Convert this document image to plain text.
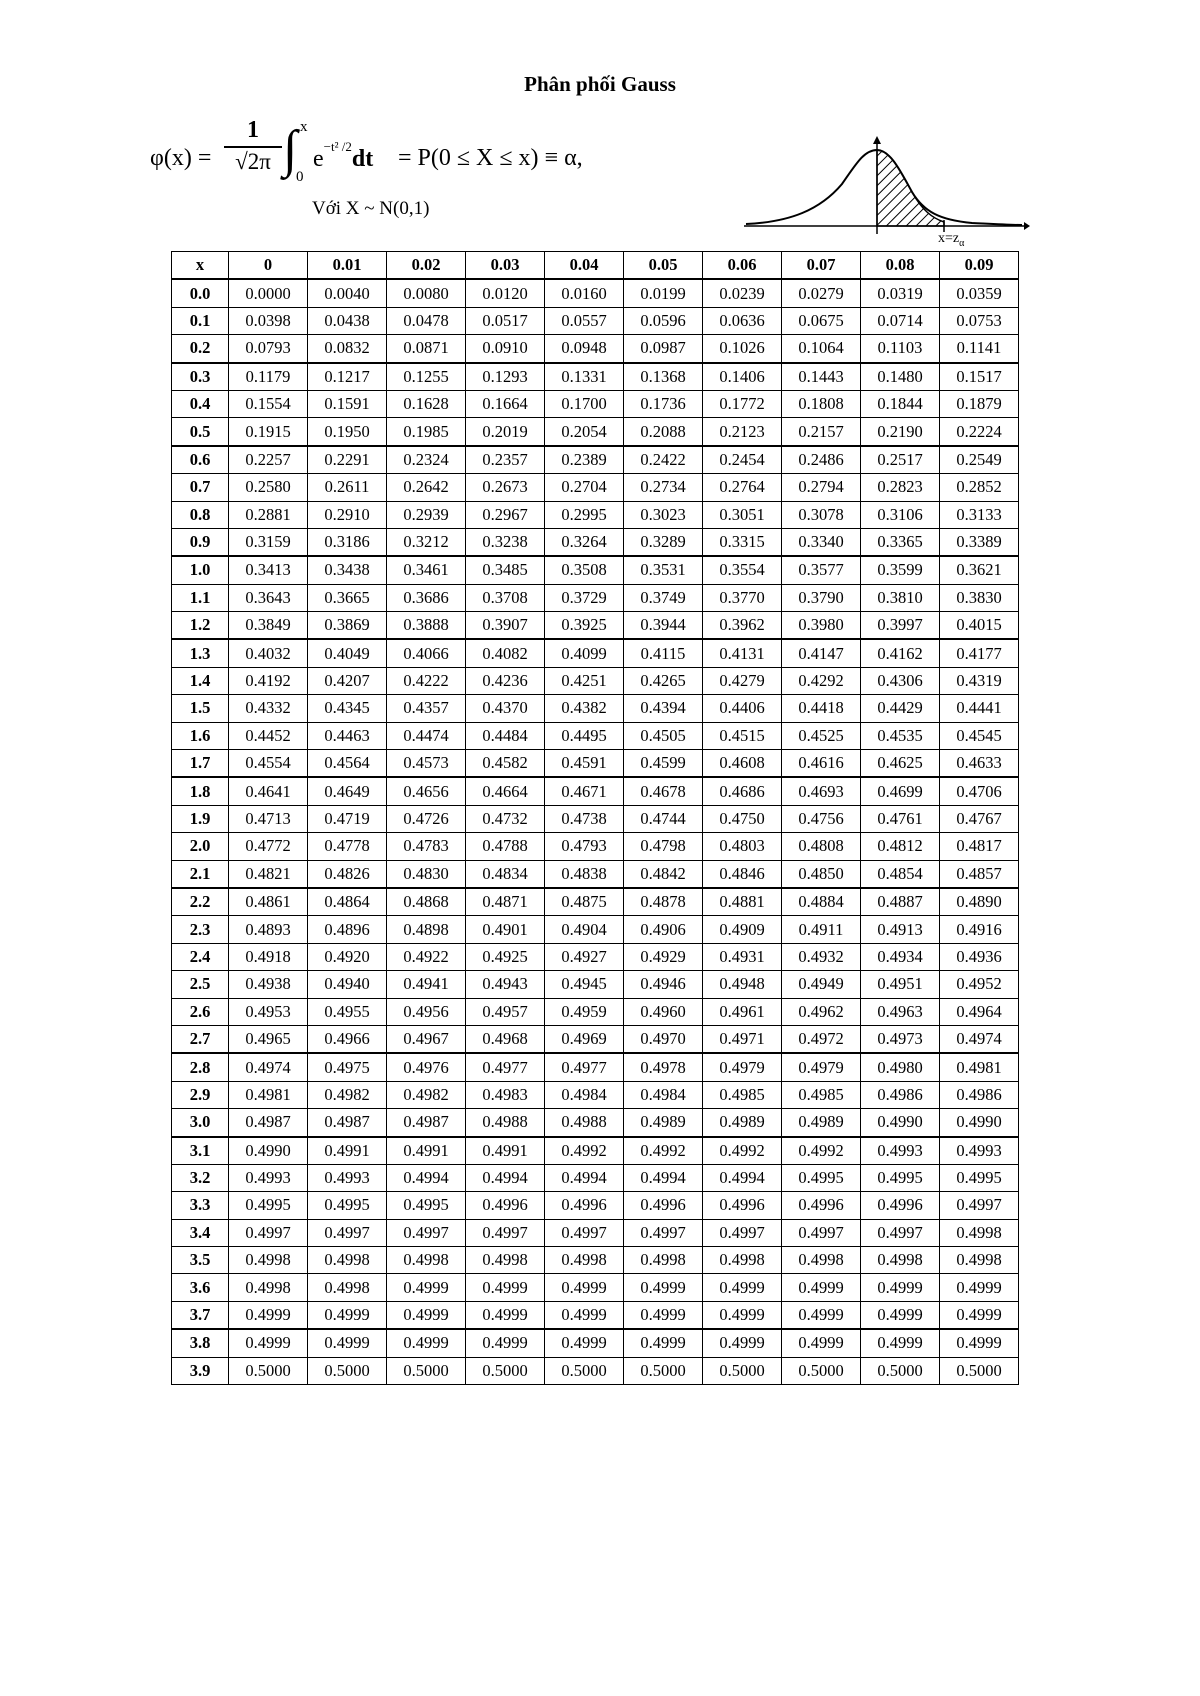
Phân phối Gauss
φ(x) =
1
√2π ∫ x
0
$e^{-t^2 /2}dt = P(0 \le X \le x) \equiv \alpha$,
Với X ~ N(0,1)
$x=z_\alpha$
x	0	0.01	0.02	0.03	0.04	0.05	0.06	0.07	0.08	0.09
0.0	0.0000	0.0040	0.0080	0.0120	0.0160	0.0199	0.0239	0.0279	0.0319	0.0359
0.1	0.0398	0.0438	0.0478	0.0517	0.0557	0.0596	0.0636	0.0675	0.0714	0.0753
0.2	0.0793	0.0832	0.0871	0.0910	0.0948	0.0987	0.1026	0.1064	0.1103	0.1141
0.3	0.1179	0.1217	0.1255	0.1293	0.1331	0.1368	0.1406	0.1443	0.1480	0.1517
0.4	0.1554	0.1591	0.1628	0.1664	0.1700	0.1736	0.1772	0.1808	0.1844	0.1879
0.5	0.1915	0.1950	0.1985	0.2019	0.2054	0.2088	0.2123	0.2157	0.2190	0.2224
0.6	0.2257	0.2291	0.2324	0.2357	0.2389	0.2422	0.2454	0.2486	0.2517	0.2549
0.7	0.2580	0.2611	0.2642	0.2673	0.2704	0.2734	0.2764	0.2794	0.2823	0.2852
0.8	0.2881	0.2910	0.2939	0.2967	0.2995	0.3023	0.3051	0.3078	0.3106	0.3133
0.9	0.3159	0.3186	0.3212	0.3238	0.3264	0.3289	0.3315	0.3340	0.3365	0.3389
1.0	0.3413	0.3438	0.3461	0.3485	0.3508	0.3531	0.3554	0.3577	0.3599	0.3621
1.1	0.3643	0.3665	0.3686	0.3708	0.3729	0.3749	0.3770	0.3790	0.3810	0.3830
1.2	0.3849	0.3869	0.3888	0.3907	0.3925	0.3944	0.3962	0.3980	0.3997	0.4015
1.3	0.4032	0.4049	0.4066	0.4082	0.4099	0.4115	0.4131	0.4147	0.4162	0.4177
1.4	0.4192	0.4207	0.4222	0.4236	0.4251	0.4265	0.4279	0.4292	0.4306	0.4319
1.5	0.4332	0.4345	0.4357	0.4370	0.4382	0.4394	0.4406	0.4418	0.4429	0.4441
1.6	0.4452	0.4463	0.4474	0.4484	0.4495	0.4505	0.4515	0.4525	0.4535	0.4545
1.7	0.4554	0.4564	0.4573	0.4582	0.4591	0.4599	0.4608	0.4616	0.4625	0.4633
1.8	0.4641	0.4649	0.4656	0.4664	0.4671	0.4678	0.4686	0.4693	0.4699	0.4706
1.9	0.4713	0.4719	0.4726	0.4732	0.4738	0.4744	0.4750	0.4756	0.4761	0.4767
2.0	0.4772	0.4778	0.4783	0.4788	0.4793	0.4798	0.4803	0.4808	0.4812	0.4817
2.1	0.4821	0.4826	0.4830	0.4834	0.4838	0.4842	0.4846	0.4850	0.4854	0.4857
2.2	0.4861	0.4864	0.4868	0.4871	0.4875	0.4878	0.4881	0.4884	0.4887	0.4890
2.3	0.4893	0.4896	0.4898	0.4901	0.4904	0.4906	0.4909	0.4911	0.4913	0.4916
2.4	0.4918	0.4920	0.4922	0.4925	0.4927	0.4929	0.4931	0.4932	0.4934	0.4936
2.5	0.4938	0.4940	0.4941	0.4943	0.4945	0.4946	0.4948	0.4949	0.4951	0.4952
2.6	0.4953	0.4955	0.4956	0.4957	0.4959	0.4960	0.4961	0.4962	0.4963	0.4964
2.7	0.4965	0.4966	0.4967	0.4968	0.4969	0.4970	0.4971	0.4972	0.4973	0.4974
2.8	0.4974	0.4975	0.4976	0.4977	0.4977	0.4978	0.4979	0.4979	0.4980	0.4981
2.9	0.4981	0.4982	0.4982	0.4983	0.4984	0.4984	0.4985	0.4985	0.4986	0.4986
3.0	0.4987	0.4987	0.4987	0.4988	0.4988	0.4989	0.4989	0.4989	0.4990	0.4990
3.1	0.4990	0.4991	0.4991	0.4991	0.4992	0.4992	0.4992	0.4992	0.4993	0.4993
3.2	0.4993	0.4993	0.4994	0.4994	0.4994	0.4994	0.4994	0.4995	0.4995	0.4995
3.3	0.4995	0.4995	0.4995	0.4996	0.4996	0.4996	0.4996	0.4996	0.4996	0.4997
3.4	0.4997	0.4997	0.4997	0.4997	0.4997	0.4997	0.4997	0.4997	0.4997	0.4998
3.5	0.4998	0.4998	0.4998	0.4998	0.4998	0.4998	0.4998	0.4998	0.4998	0.4998
3.6	0.4998	0.4998	0.4999	0.4999	0.4999	0.4999	0.4999	0.4999	0.4999	0.4999
3.7	0.4999	0.4999	0.4999	0.4999	0.4999	0.4999	0.4999	0.4999	0.4999	0.4999
3.8	0.4999	0.4999	0.4999	0.4999	0.4999	0.4999	0.4999	0.4999	0.4999	0.4999
3.9	0.5000	0.5000	0.5000	0.5000	0.5000	0.5000	0.5000	0.5000	0.5000	0.5000
